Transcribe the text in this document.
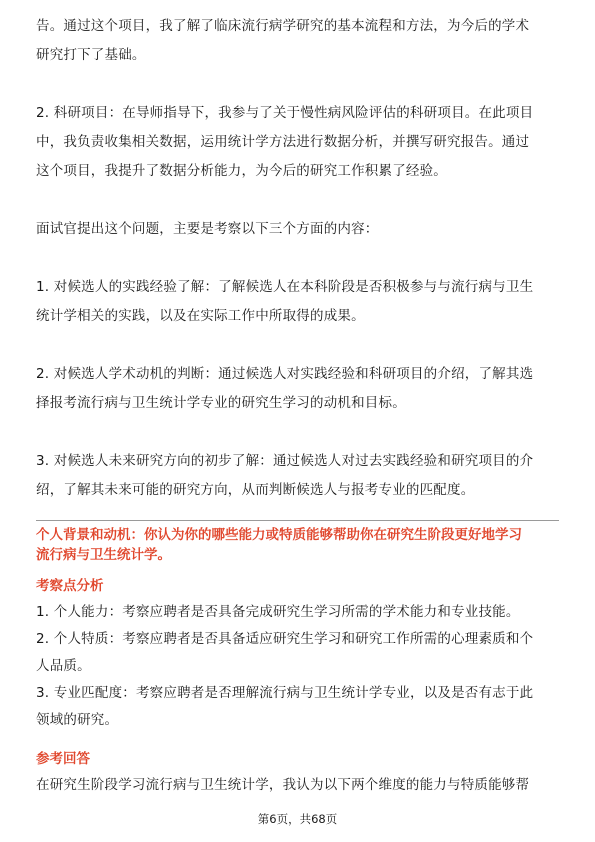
告。通过这个项目，我了解了临床流行病学研究的基本流程和方法，为今后的学术

研究打下了基础。

2. 科研项目：在导师指导下，我参与了关于慢性病风险评估的科研项目。在此项目

中，我负责收集相关数据，运用统计学方法进行数据分析，并撰写研究报告。通过

这个项目，我提升了数据分析能力，为今后的研究工作积累了经验。

面试官提出这个问题，主要是考察以下三个方面的内容：

1. 对候选人的实践经验了解：了解候选人在本科阶段是否积极参与与流行病与卫生

统计学相关的实践，以及在实际工作中所取得的成果。

2. 对候选人学术动机的判断：通过候选人对实践经验和科研项目的介绍，了解其选

择报考流行病与卫生统计学专业的研究生学习的动机和目标。

3. 对候选人未来研究方向的初步了解：通过候选人对过去实践经验和研究项目的介

绍，了解其未来可能的研究方向，从而判断候选人与报考专业的匹配度。

个人背景和动机：你认为你的哪些能力或特质能够帮助你在研究生阶段更好地学习
流行病与卫生统计学。

考察点分析

1. 个人能力：考察应聘者是否具备完成研究生学习所需的学术能力和专业技能。

2. 个人特质：考察应聘者是否具备适应研究生学习和研究工作所需的心理素质和个

人品质。

3. 专业匹配度：考察应聘者是否理解流行病与卫生统计学专业，以及是否有志于此

领域的研究。

参考回答

在研究生阶段学习流行病与卫生统计学，我认为以下两个维度的能力与特质能够帮

第6页，共68页
